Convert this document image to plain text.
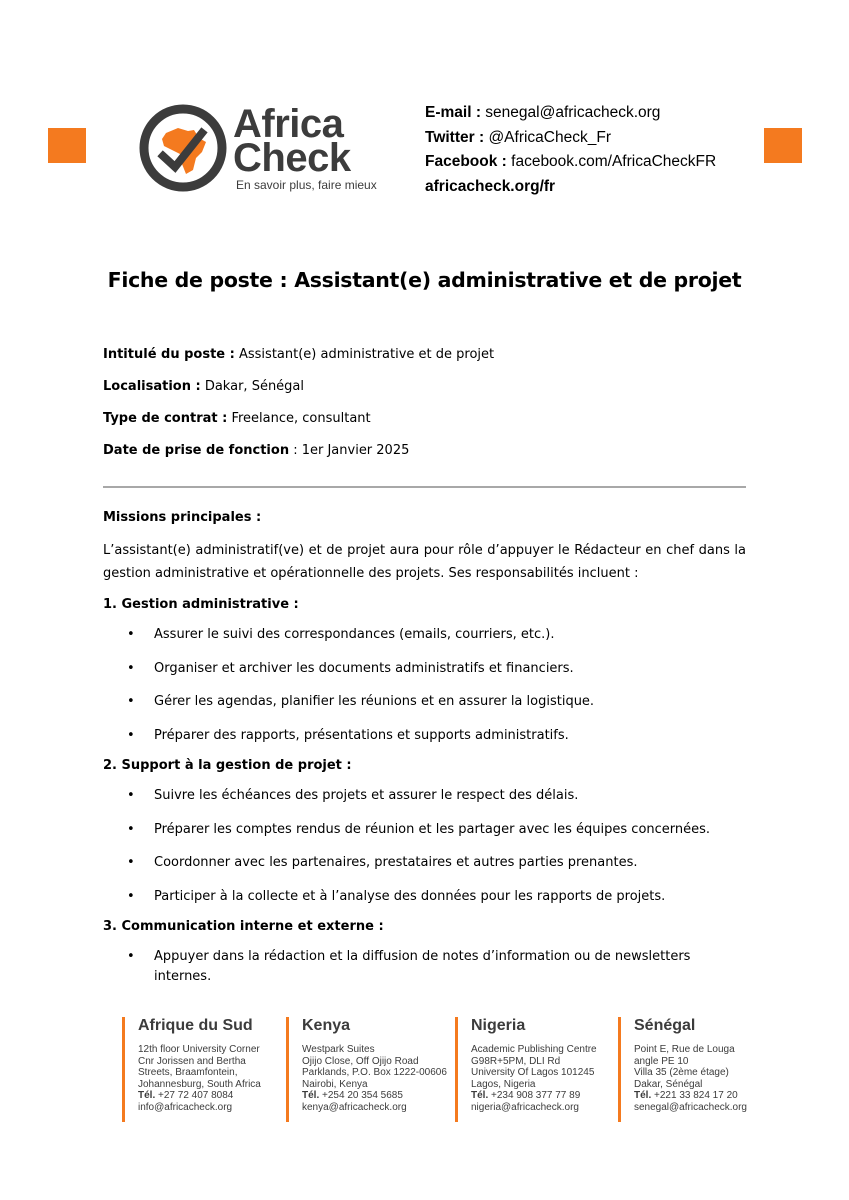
Africa
Check
En savoir plus, faire mieux
E-mail : senegal@africacheck.org
Twitter : @AfricaCheck_Fr
Facebook : facebook.com/AfricaCheckFR
africacheck.org/fr
Fiche de poste : Assistant(e) administrative et de projet

Intitulé du poste : Assistant(e) administrative et de projet

Localisation : Dakar, Sénégal

Type de contrat : Freelance, consultant

Date de prise de fonction : 1er Janvier 2025

Missions principales :
L’assistant(e) administratif(ve) et de projet aura pour rôle d’appuyer le Rédacteur en chef dans la gestion administrative et opérationnelle des projets. Ses responsabilités incluent :
1. Gestion administrative :
• Assurer le suivi des correspondances (emails, courriers, etc.).
• Organiser et archiver les documents administratifs et financiers.
• Gérer les agendas, planifier les réunions et en assurer la logistique.
• Préparer des rapports, présentations et supports administratifs.
2. Support à la gestion de projet :
• Suivre les échéances des projets et assurer le respect des délais.
• Préparer les comptes rendus de réunion et les partager avec les équipes concernées.
• Coordonner avec les partenaires, prestataires et autres parties prenantes.
• Participer à la collecte et à l’analyse des données pour les rapports de projets.
3. Communication interne et externe :
• Appuyer dans la rédaction et la diffusion de notes d’information ou de newsletters internes.
Afrique du Sud
12th floor University Corner
Cnr Jorissen and Bertha
Streets, Braamfontein,
Johannesburg, South Africa
Tél. +27 72 407 8084
info@africacheck.org
Kenya
Westpark Suites
Ojijo Close, Off Ojijo Road
Parklands, P.O. Box 1222-00606
Nairobi, Kenya
Tél. +254 20 354 5685
kenya@africacheck.org
Nigeria
Academic Publishing Centre
G98R+5PM, DLI Rd
University Of Lagos 101245
Lagos, Nigeria
Tél. +234 908 377 77 89
nigeria@africacheck.org
Sénégal
Point E, Rue de Louga
angle PE 10
Villa 35 (2ème étage)
Dakar, Sénégal
Tél. +221 33 824 17 20
senegal@africacheck.org
